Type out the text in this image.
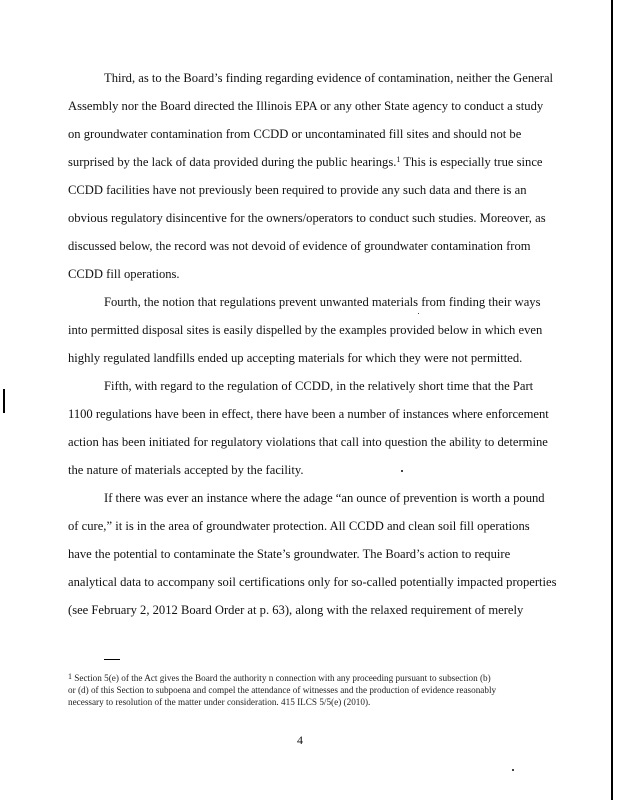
Third, as to the Board’s finding regarding evidence of contamination, neither the General
Assembly nor the Board directed the Illinois EPA or any other State agency to conduct a study
on groundwater contamination from CCDD or uncontaminated fill sites and should not be
surprised by the lack of data provided during the public hearings.$^1$ This is especially true since
CCDD facilities have not previously been required to provide any such data and there is an
obvious regulatory disincentive for the owners/operators to conduct such studies. Moreover, as
discussed below, the record was not devoid of evidence of groundwater contamination from
CCDD fill operations.
Fourth, the notion that regulations prevent unwanted materials from finding their ways
into permitted disposal sites is easily dispelled by the examples provided below in which even
highly regulated landfills ended up accepting materials for which they were not permitted.
Fifth, with regard to the regulation of CCDD, in the relatively short time that the Part
1100 regulations have been in effect, there have been a number of instances where enforcement
action has been initiated for regulatory violations that call into question the ability to determine
the nature of materials accepted by the facility.
If there was ever an instance where the adage “an ounce of prevention is worth a pound
of cure,” it is in the area of groundwater protection. All CCDD and clean soil fill operations
have the potential to contaminate the State’s groundwater. The Board’s action to require
analytical data to accompany soil certifications only for so-called potentially impacted properties
(see February 2, 2012 Board Order at p. 63), along with the relaxed requirement of merely
$^1$ Section 5(e) of the Act gives the Board the authority n connection with any proceeding pursuant to subsection (b)
or (d) of this Section to subpoena and compel the attendance of witnesses and the production of evidence reasonably
necessary to resolution of the matter under consideration. 415 ILCS 5/5(e) (2010).
4
